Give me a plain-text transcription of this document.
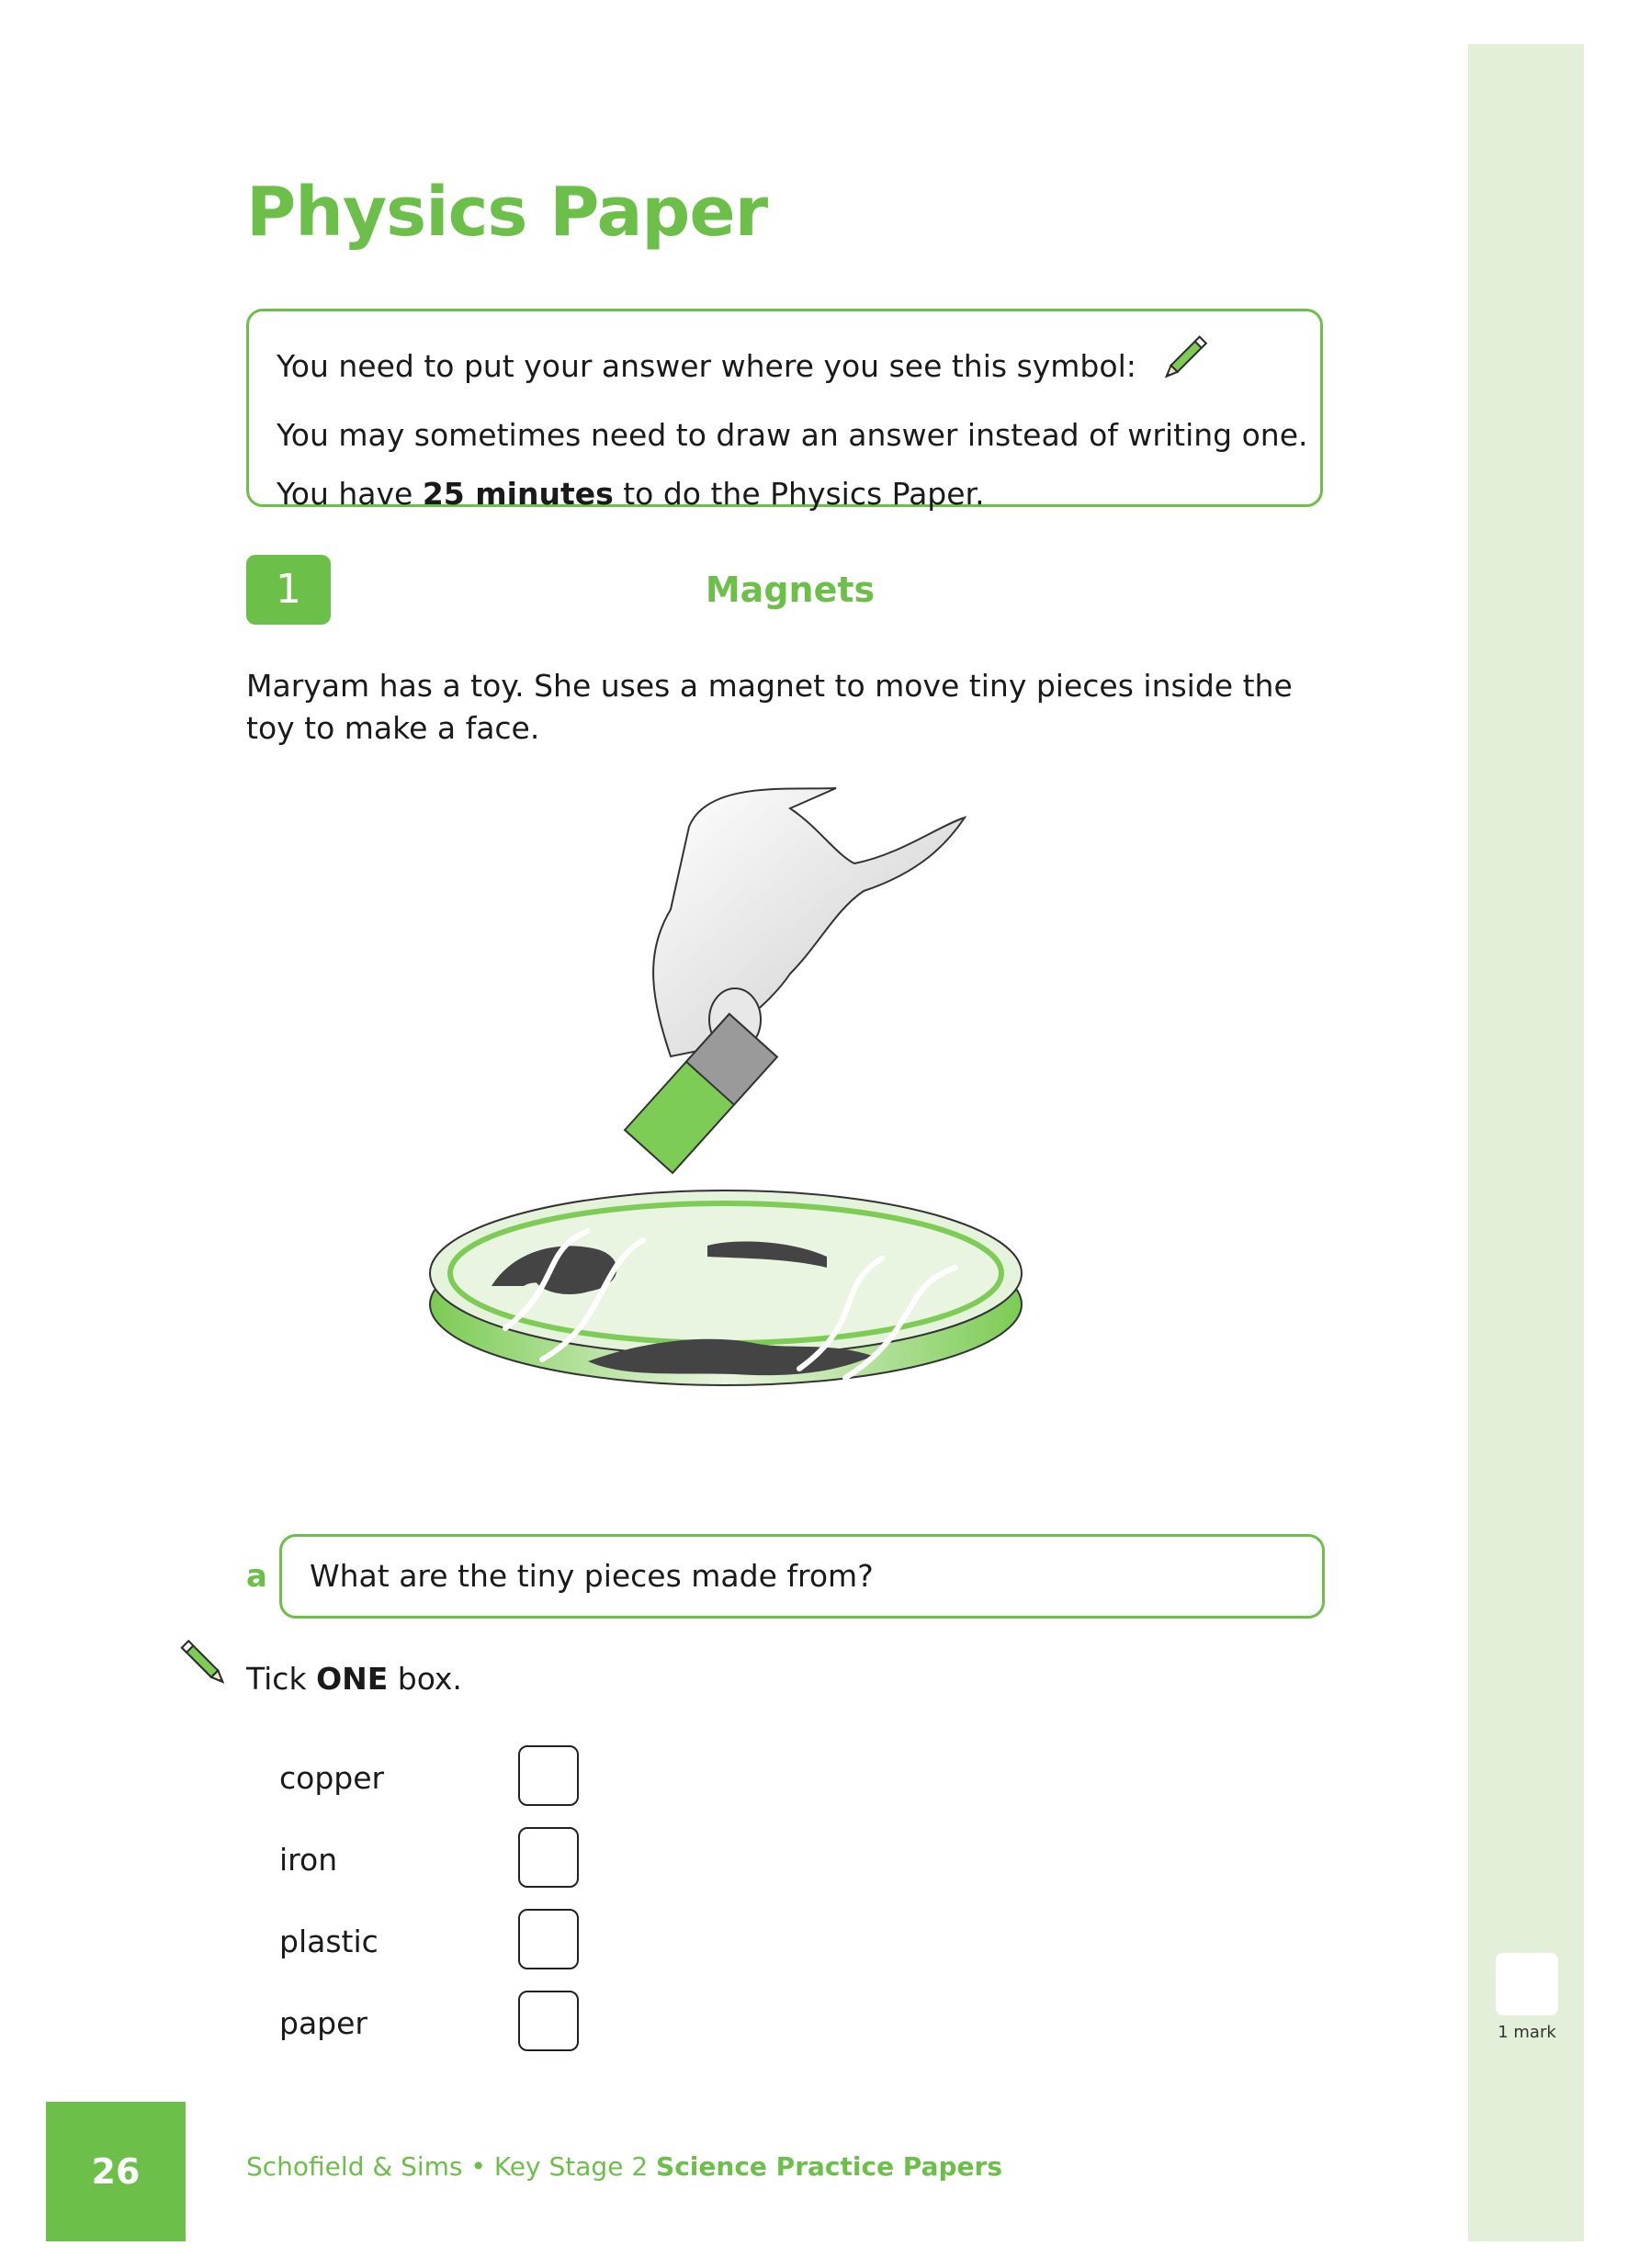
1 mark
Physics Paper
You need to put your answer where you see this symbol:
You may sometimes need to draw an answer instead of writing one.
You have 25 minutes to do the Physics Paper.
1	Magnets
Maryam has a toy. She uses a magnet to move tiny pieces inside the toy to make a face.
a	What are the tiny pieces made from?
Tick ONE box.
copper
iron
plastic
paper
26	Schofield & Sims • Key Stage 2 Science Practice Papers
